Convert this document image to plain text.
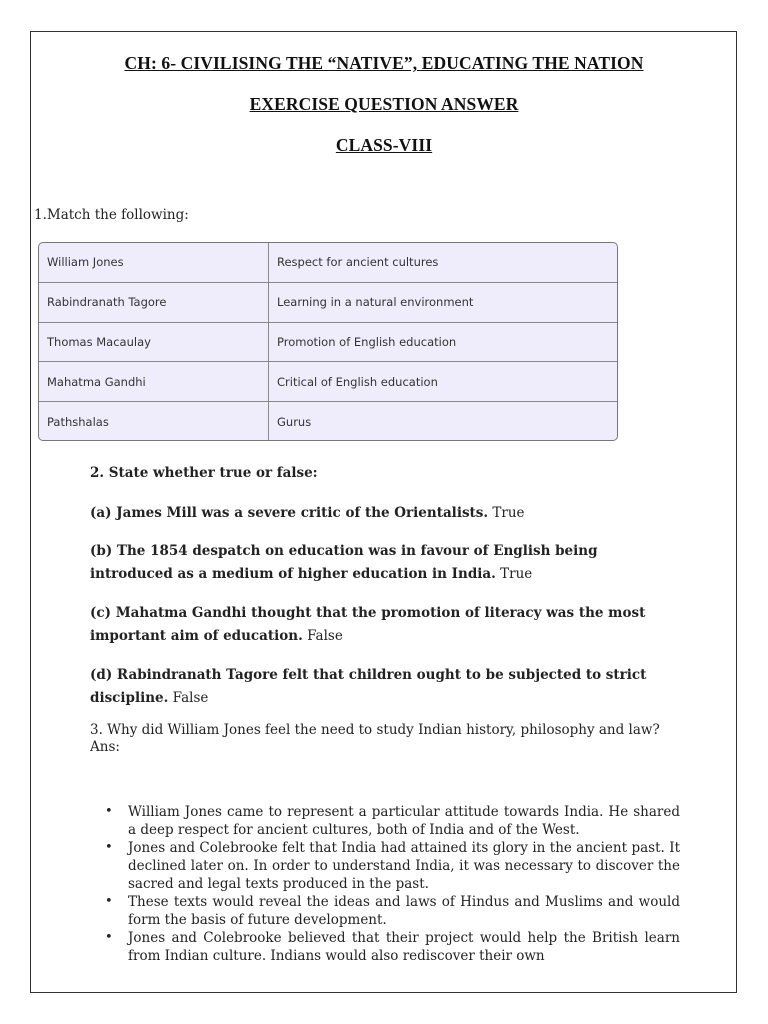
CH: 6- CIVILISING THE “NATIVE”, EDUCATING THE NATION
EXERCISE QUESTION ANSWER
CLASS-VIII
1.Match the following:
William Jones	Respect for ancient cultures
Rabindranath Tagore	Learning in a natural environment
Thomas Macaulay	Promotion of English education
Mahatma Gandhi	Critical of English education
Pathshalas	Gurus
2. State whether true or false:
(a) James Mill was a severe critic of the Orientalists. True
(b) The 1854 despatch on education was in favour of English being introduced as a medium of higher education in India. True
(c) Mahatma Gandhi thought that the promotion of literacy was the most important aim of education. False
(d) Rabindranath Tagore felt that children ought to be subjected to strict discipline. False
3. Why did William Jones feel the need to study Indian history, philosophy and law?
Ans:
• William Jones came to represent a particular attitude towards India. He shared a deep respect for ancient cultures, both of India and of the West.
• Jones and Colebrooke felt that India had attained its glory in the ancient past. It declined later on. In order to understand India, it was necessary to discover the sacred and legal texts produced in the past.
• These texts would reveal the ideas and laws of Hindus and Muslims and would form the basis of future development.
• Jones and Colebrooke believed that their project would help the British learn from Indian culture. Indians would also rediscover their own
